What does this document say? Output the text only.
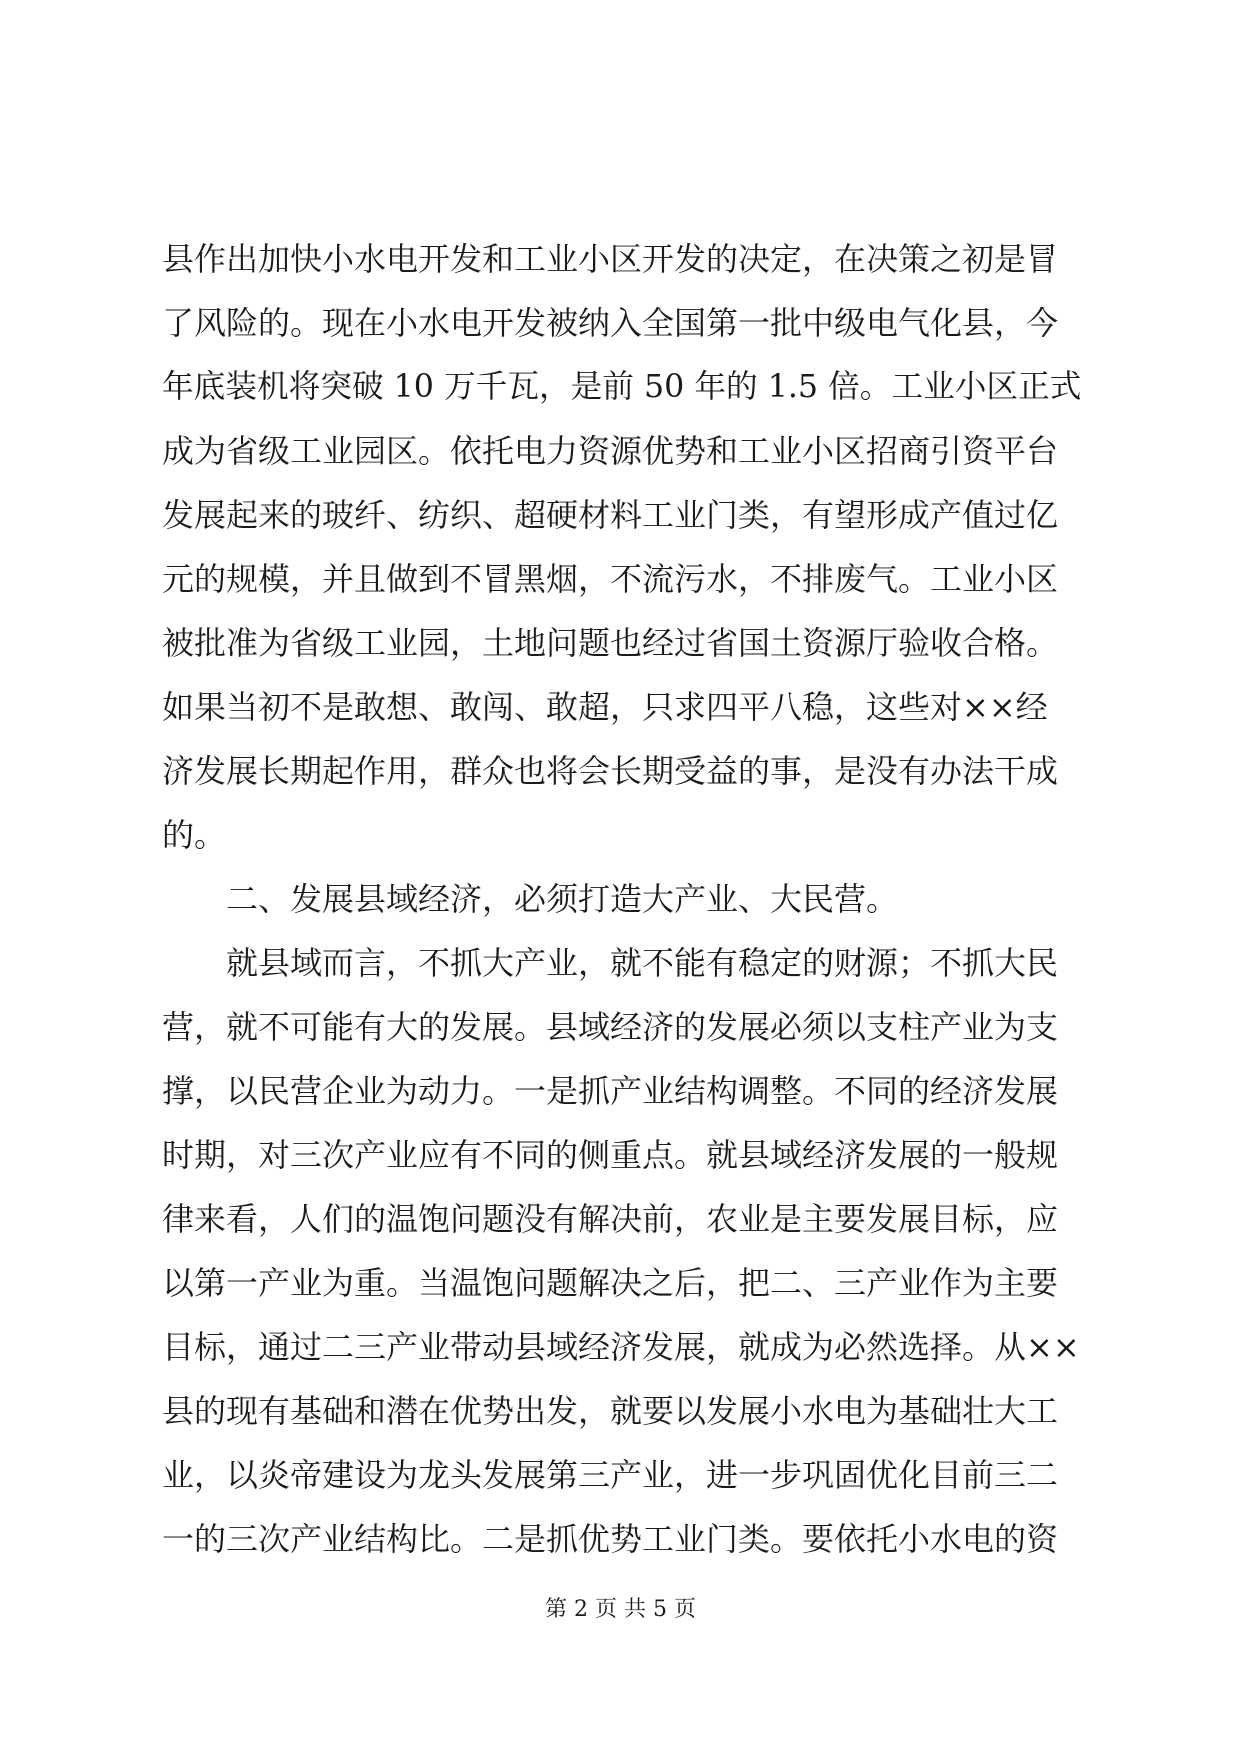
县作出加快小水电开发和工业小区开发的决定，在决策之初是冒
了风险的。现在小水电开发被纳入全国第一批中级电气化县，今
年底装机将突破 10 万千瓦，是前 50 年的 1.5 倍。工业小区正式
成为省级工业园区。依托电力资源优势和工业小区招商引资平台
发展起来的玻纤、纺织、超硬材料工业门类，有望形成产值过亿
元的规模，并且做到不冒黑烟，不流污水，不排废气。工业小区
被批准为省级工业园，土地问题也经过省国土资源厅验收合格。
如果当初不是敢想、敢闯、敢超，只求四平八稳，这些对××经
济发展长期起作用，群众也将会长期受益的事，是没有办法干成
的。
二、发展县域经济，必须打造大产业、大民营。
就县域而言，不抓大产业，就不能有稳定的财源；不抓大民
营，就不可能有大的发展。县域经济的发展必须以支柱产业为支
撑，以民营企业为动力。一是抓产业结构调整。不同的经济发展
时期，对三次产业应有不同的侧重点。就县域经济发展的一般规
律来看，人们的温饱问题没有解决前，农业是主要发展目标，应
以第一产业为重。当温饱问题解决之后，把二、三产业作为主要
目标，通过二三产业带动县域经济发展，就成为必然选择。从××
县的现有基础和潜在优势出发，就要以发展小水电为基础壮大工
业，以炎帝建设为龙头发展第三产业，进一步巩固优化目前三二
一的三次产业结构比。二是抓优势工业门类。要依托小水电的资
第 2 页 共 5 页
